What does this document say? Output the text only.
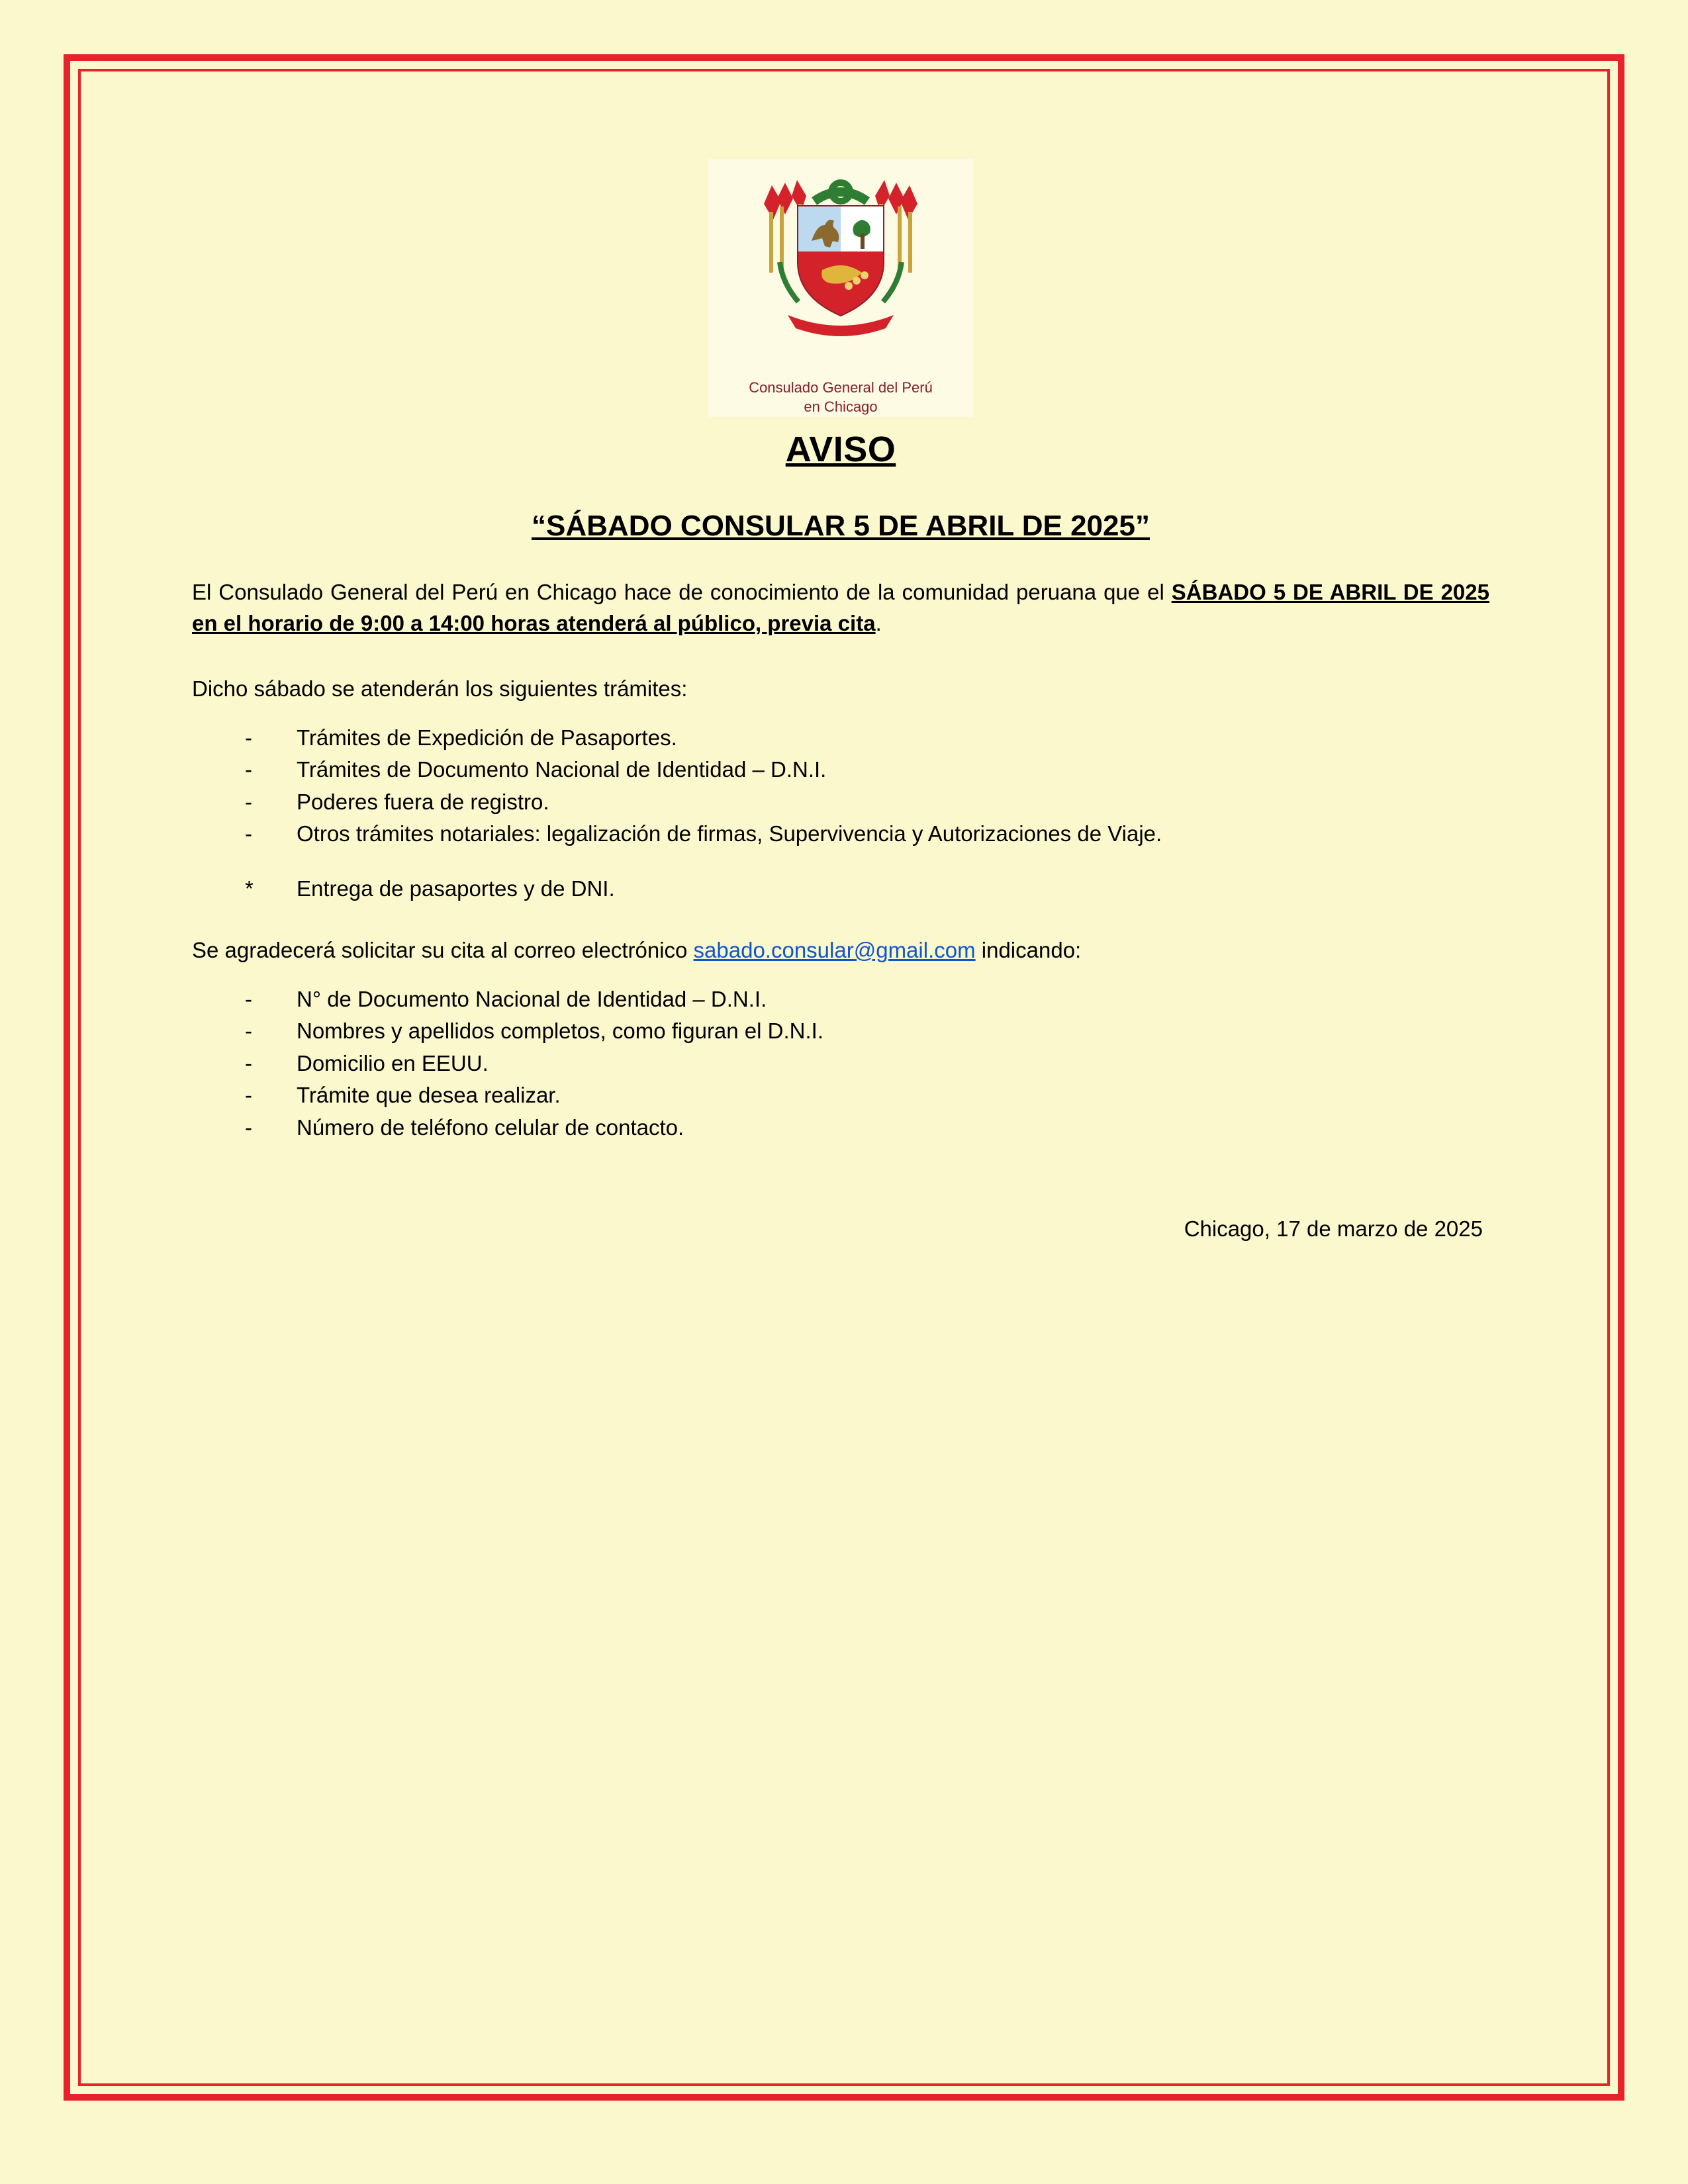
Consulado General del Perú
en Chicago
AVISO
“SÁBADO CONSULAR 5 DE ABRIL DE 2025”

El Consulado General del Perú en Chicago hace de conocimiento de la comunidad peruana que el SÁBADO 5 DE ABRIL DE 2025 en el horario de 9:00 a 14:00 horas atenderá al público, previa cita.

Dicho sábado se atenderán los siguientes trámites:

- Trámites de Expedición de Pasaportes.
- Trámites de Documento Nacional de Identidad – D.N.I.
- Poderes fuera de registro.
- Otros trámites notariales: legalización de firmas, Supervivencia y Autorizaciones de Viaje.
* Entrega de pasaportes y de DNI.

Se agradecerá solicitar su cita al correo electrónico sabado.consular@gmail.com indicando:

- N° de Documento Nacional de Identidad – D.N.I.
- Nombres y apellidos completos, como figuran el D.N.I.
- Domicilio en EEUU.
- Trámite que desea realizar.
- Número de teléfono celular de contacto.

Chicago, 17 de marzo de 2025
